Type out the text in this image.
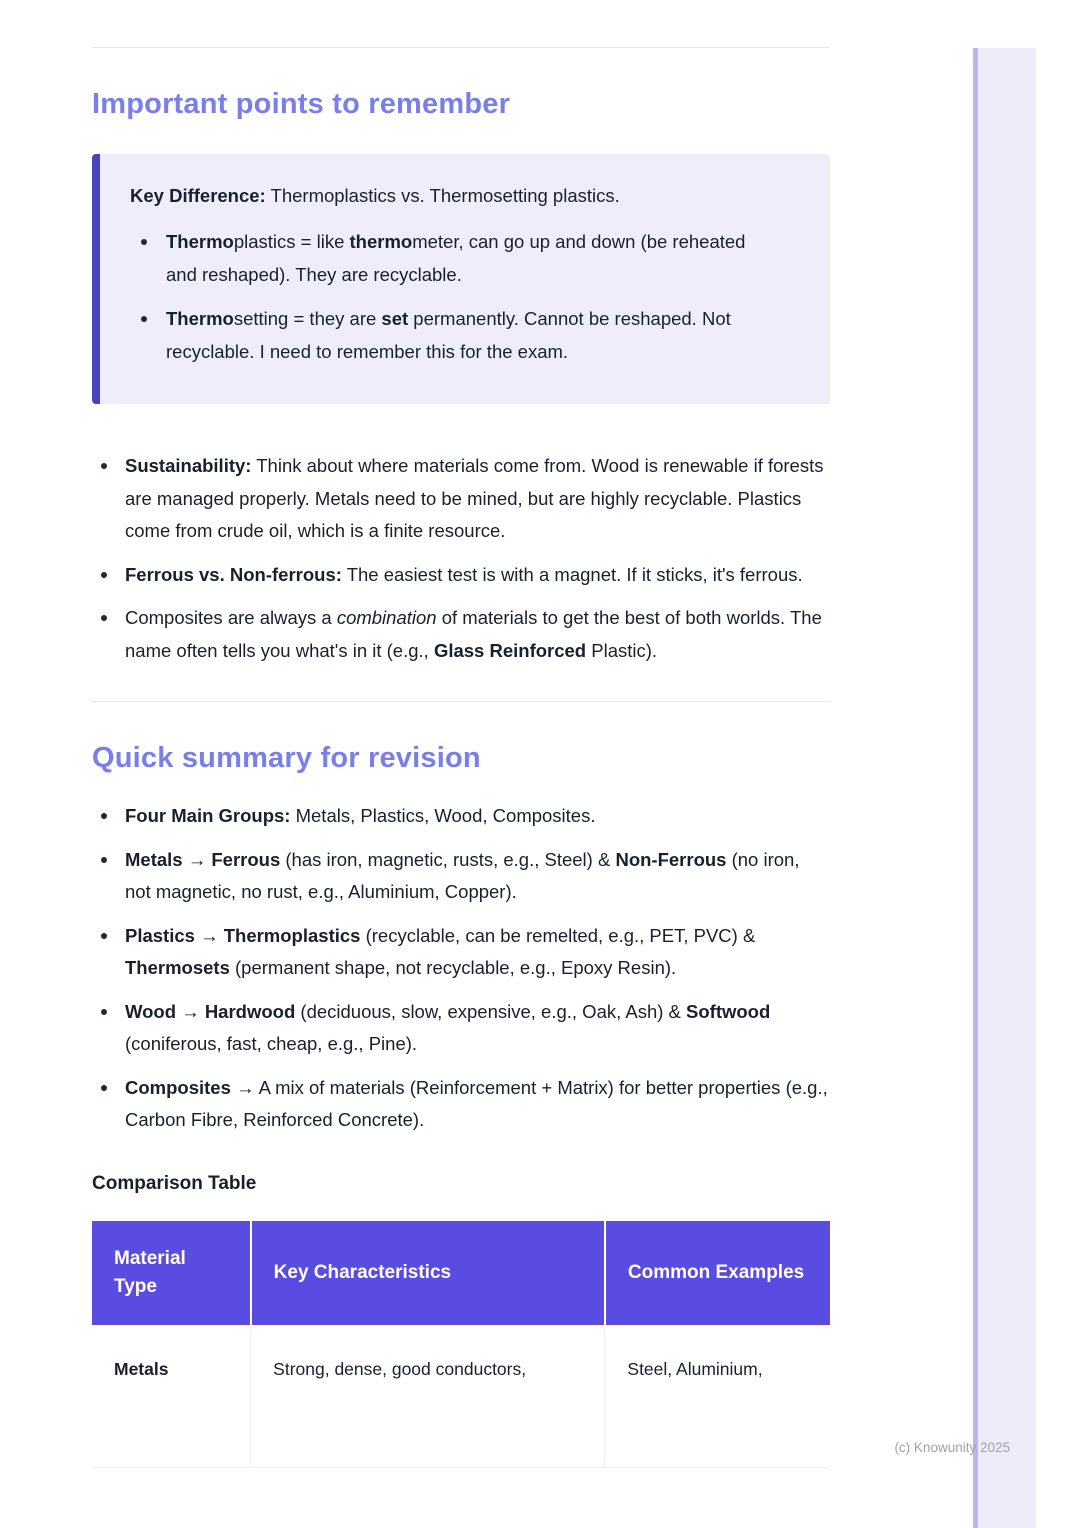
Important points to remember

Key Difference: Thermoplastics vs. Thermosetting plastics.

Thermoplastics = like thermometer, can go up and down (be reheated and reshaped). They are recyclable.
Thermosetting = they are set permanently. Cannot be reshaped. Not recyclable. I need to remember this for the exam.
Sustainability: Think about where materials come from. Wood is renewable if forests are managed properly. Metals need to be mined, but are highly recyclable. Plastics come from crude oil, which is a finite resource.
Ferrous vs. Non-ferrous: The easiest test is with a magnet. If it sticks, it's ferrous.
Composites are always a combination of materials to get the best of both worlds. The name often tells you what's in it (e.g., Glass Reinforced Plastic).
Quick summary for revision
Four Main Groups: Metals, Plastics, Wood, Composites.
Metals → Ferrous (has iron, magnetic, rusts, e.g., Steel) & Non-Ferrous (no iron, not magnetic, no rust, e.g., Aluminium, Copper).
Plastics → Thermoplastics (recyclable, can be remelted, e.g., PET, PVC) & Thermosets (permanent shape, not recyclable, e.g., Epoxy Resin).
Wood → Hardwood (deciduous, slow, expensive, e.g., Oak, Ash) & Softwood (coniferous, fast, cheap, e.g., Pine).
Composites → A mix of materials (Reinforcement + Matrix) for better properties (e.g., Carbon Fibre, Reinforced Concrete).

Comparison Table

Material Type	Key Characteristics	Common Examples
Metals	Strong, dense, good conductors,	Steel, Aluminium,
(c) Knowunity 2025
